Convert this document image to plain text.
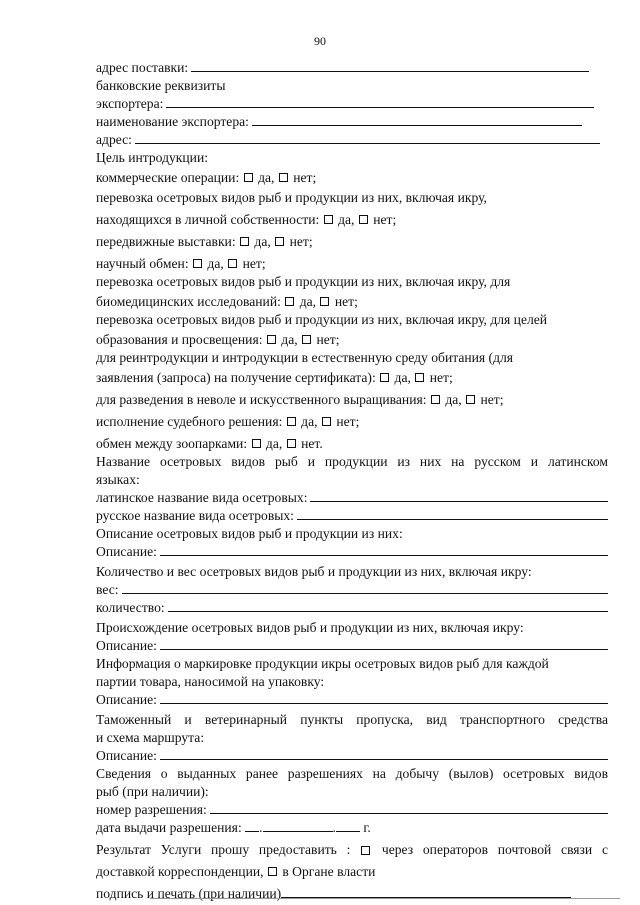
90
адрес поставки:
банковские реквизиты
экспортера:
наименование экспортера:
адрес:
Цель интродукции:
коммерческие операции:

да,

нет;
перевозка осетровых видов рыб и продукции из них, включая икру,
находящихся в личной собственности:

да,

нет;
передвижные выставки:

да,

нет;
научный обмен:

да,

нет;
перевозка осетровых видов рыб и продукции из них, включая икру, для
биомедицинских исследований:

да,

нет;
перевозка осетровых видов рыб и продукции из них, включая икру, для целей
образования и просвещения:

да,

нет;
для реинтродукции и интродукции в естественную среду обитания (для
заявления (запроса) на получение сертификата):

да,

нет;
для разведения в неволе и искусственного выращивания:

да,

нет;
исполнение судебного решения:

да,

нет;
обмен между зоопарками:

да,

нет.
Название осетровых видов рыб и продукции из них на русском и латинском
языках:
латинское название вида осетровых:
русское название вида осетровых:
Описание осетровых видов рыб и продукции из них:
Описание:
Количество и вес осетровых видов рыб и продукции из них, включая икру:
вес:
количество:
Происхождение осетровых видов рыб и продукции из них, включая икру:
Описание:
Информация о маркировке продукции икры осетровых видов рыб для каждой
партии товара, наносимой на упаковку:
Описание:
Таможенный и ветеринарный пункты пропуска, вид транспортного средства
и схема маршрута:
Описание:
Сведения о выданных ранее разрешениях на добычу (вылов) осетровых видов
рыб (при наличии):
номер разрешения:
дата выдачи разрешения:
.	.
г.
Результат Услуги прошу предоставить : через операторов почтовой связи с
доставкой корреспонденции,

в Органе власти
подпись и печать (при наличии)
